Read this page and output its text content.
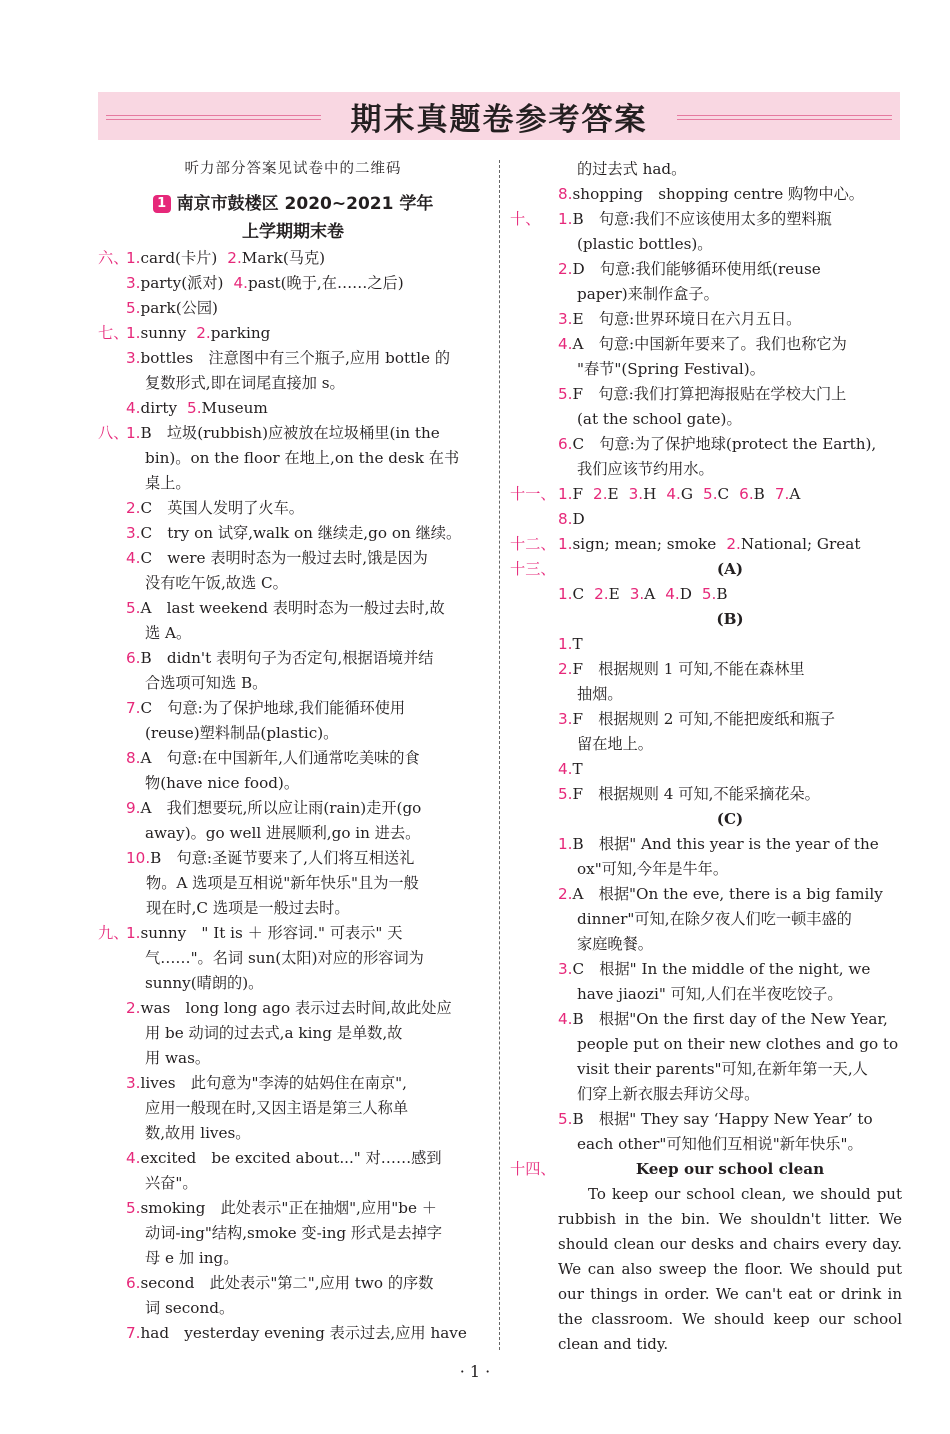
期末真题卷参考答案
听力部分答案见试卷中的二维码
1 南京市鼓楼区 2020~2021 学年
上学期期末卷
六、
1.card(卡片) 2.Mark(马克)
3.party(派对) 4.past(晚于,在……之后)
5.park(公园)
七、
1.sunny 2.parking
3.bottles　注意图中有三个瓶子,应用 bottle 的
复数形式,即在词尾直接加 s。
4.dirty 5.Museum
八、
1.B　垃圾(rubbish)应被放在垃圾桶里(in the
bin)。on the floor 在地上,on the desk 在书
桌上。
2.C　英国人发明了火车。
3.C　try on 试穿,walk on 继续走,go on 继续。
4.C　were 表明时态为一般过去时,饿是因为
没有吃午饭,故选 C。
5.A　last weekend 表明时态为一般过去时,故
选 A。
6.B　didn't 表明句子为否定句,根据语境并结
合选项可知选 B。
7.C　句意:为了保护地球,我们能循环使用
(reuse)塑料制品(plastic)。
8.A　句意:在中国新年,人们通常吃美味的食
物(have nice food)。
9.A　我们想要玩,所以应让雨(rain)走开(go
away)。go well 进展顺利,go in 进去。
10.B　句意:圣诞节要来了,人们将互相送礼
物。A 选项是互相说"新年快乐"且为一般
现在时,C 选项是一般过去时。
九、
1.sunny　" It is ＋ 形容词." 可表示" 天
气……"。名词 sun(太阳)对应的形容词为
sunny(晴朗的)。
2.was　long long ago 表示过去时间,故此处应
用 be 动词的过去式,a king 是单数,故
用 was。
3.lives　此句意为"李涛的姑妈住在南京",
应用一般现在时,又因主语是第三人称单
数,故用 lives。
4.excited　be excited about..." 对……感到
兴奋"。
5.smoking　此处表示"正在抽烟",应用"be ＋
动词-ing"结构,smoke 变-ing 形式是去掉字
母 e 加 ing。
6.second　此处表示"第二",应用 two 的序数
词 second。
7.had　yesterday evening 表示过去,应用 have
的过去式 had。
8.shopping　shopping centre 购物中心。
十、	1.B　句意:我们不应该使用太多的塑料瓶
(plastic bottles)。
2.D　句意:我们能够循环使用纸(reuse
paper)来制作盒子。
3.E　句意:世界环境日在六月五日。
4.A　句意:中国新年要来了。我们也称它为
"春节"(Spring Festival)。
5.F　句意:我们打算把海报贴在学校大门上
(at the school gate)。
6.C　句意:为了保护地球(protect the Earth),
我们应该节约用水。
十一、 1.F 2.E 3.H 4.G 5.C 6.B 7.A
8.D
十二、 1.sign; mean; smoke 2.National; Great
十三、	(A)
1.C 2.E 3.A 4.D 5.B
(B)
1.T
2.F　根据规则 1 可知,不能在森林里
抽烟。
3.F　根据规则 2 可知,不能把废纸和瓶子
留在地上。
4.T
5.F　根据规则 4 可知,不能采摘花朵。
(C)
1.B　根据" And this year is the year of the
ox"可知,今年是牛年。
2.A　根据"On the eve, there is a big family
dinner"可知,在除夕夜人们吃一顿丰盛的
家庭晚餐。
3.C　根据" In the middle of the night, we
have jiaozi" 可知,人们在半夜吃饺子。
4.B　根据"On the first day of the New Year,
people put on their new clothes and go to
visit their parents"可知,在新年第一天,人
们穿上新衣服去拜访父母。
5.B　根据" They say ‘Happy New Year’ to
each other"可知他们互相说"新年快乐"。
十四、	Keep our school clean
To keep our school clean, we should put rubbish in the bin. We shouldn't litter. We should clean our desks and chairs every day. We can also sweep the floor. We should put our things in order. We can't eat or drink in the classroom. We should keep our school clean and tidy.
· 1 ·
